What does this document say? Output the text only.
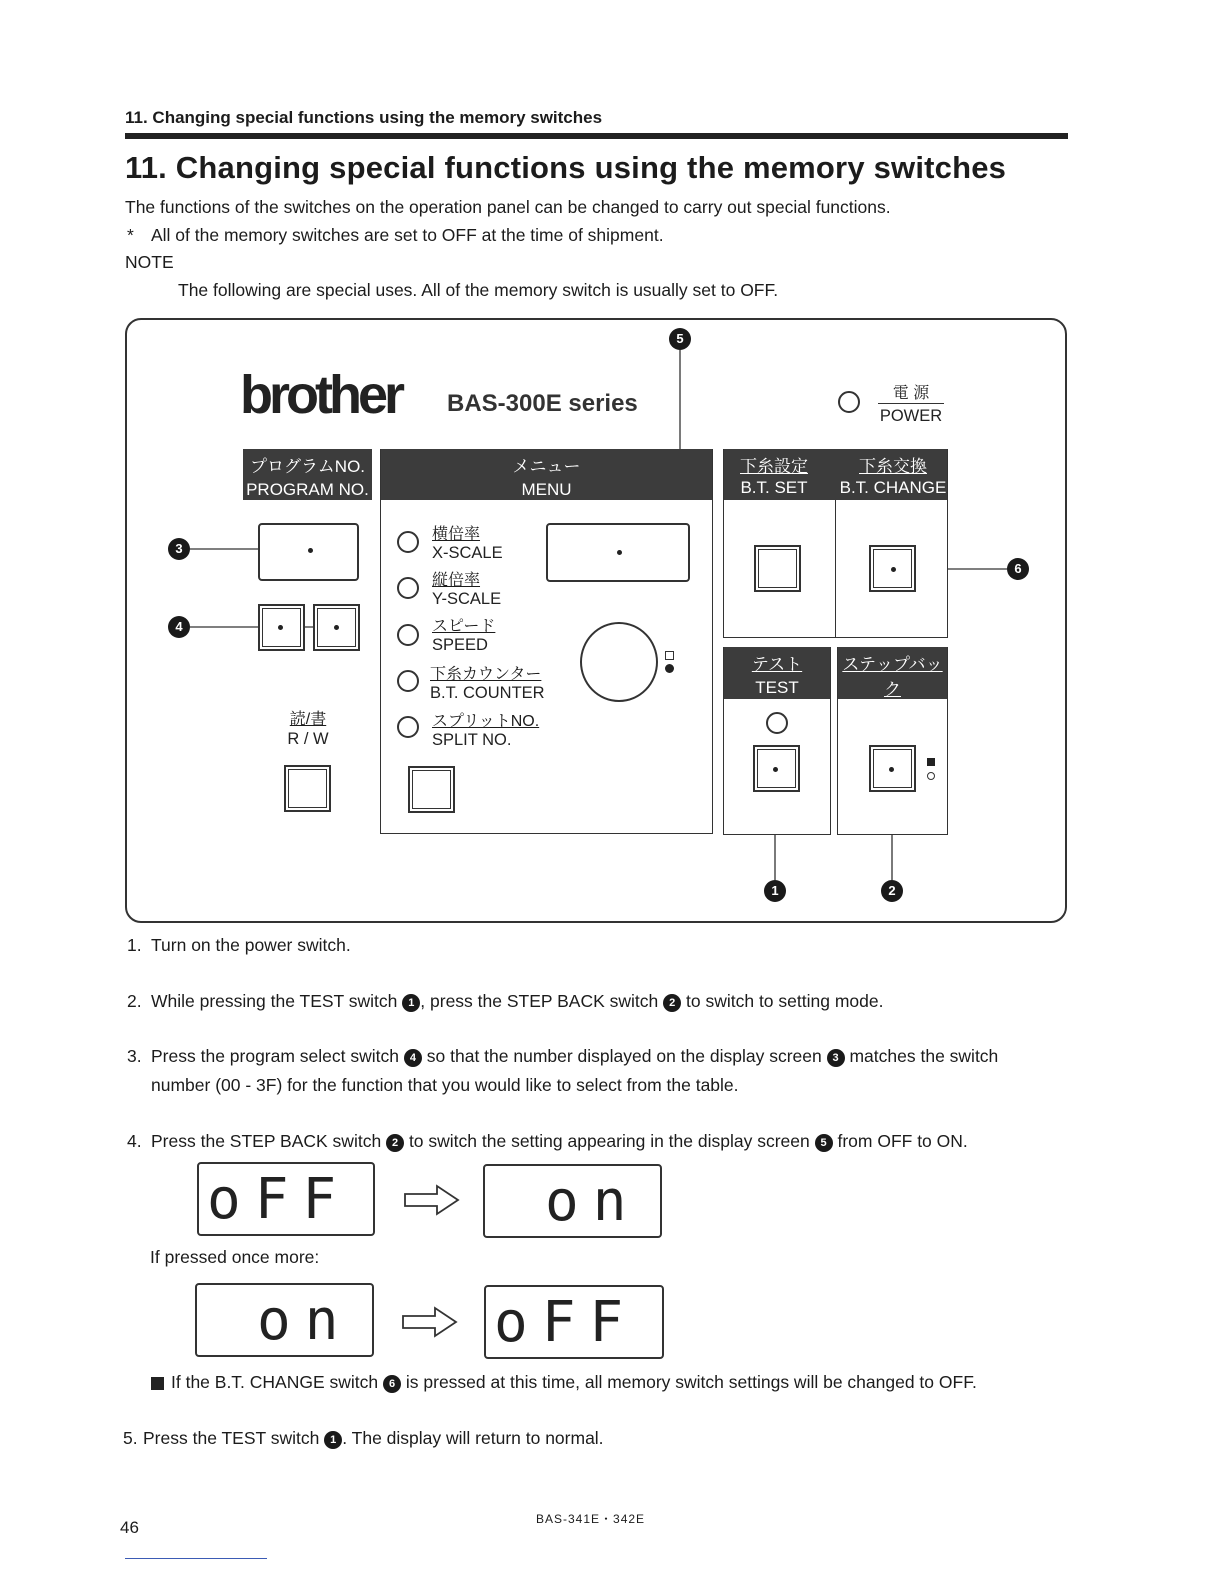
11. Changing special functions using the memory switches
11. Changing special functions using the memory switches
The functions of the switches on the operation panel can be changed to carry out special functions.
* All of the memory switches are set to OFF at the time of shipment.
NOTE
The following are special uses. All of the memory switch is usually set to OFF.
brother BAS-300E series	電 源
POWER
プログラムNO.
PROGRAM NO.
読/書
R / W
メニュー
MENU
横倍率
X-SCALE
縦倍率
Y-SCALE
スピード
SPEED
下糸カウンター
B.T. COUNTER
スプリットNO.
SPLIT NO.
下糸設定
B.T. SET
下糸交換
B.T. CHANGE
テスト
TEST
ステップバック
STEP BACK
5
3
4
6
1	2
1. Turn on the power switch.
2. While pressing the TEST switch 1 , press the STEP BACK switch 2 to switch to setting mode.
3. Press the program select switch 4 so that the number displayed on the display screen 3 matches the switch
number (00 - 3F) for the function that you would like to select from the table.
4. Press the STEP BACK switch 2 to switch the setting appearing in the display screen 5 from OFF to ON.
oFF	on
If pressed once more:
on	oFF
If the B.T. CHANGE switch 6 is pressed at this time, all memory switch settings will be changed to OFF.
5. Press the TEST switch 1 . The display will return to normal.
BAS-341E・342E
46
